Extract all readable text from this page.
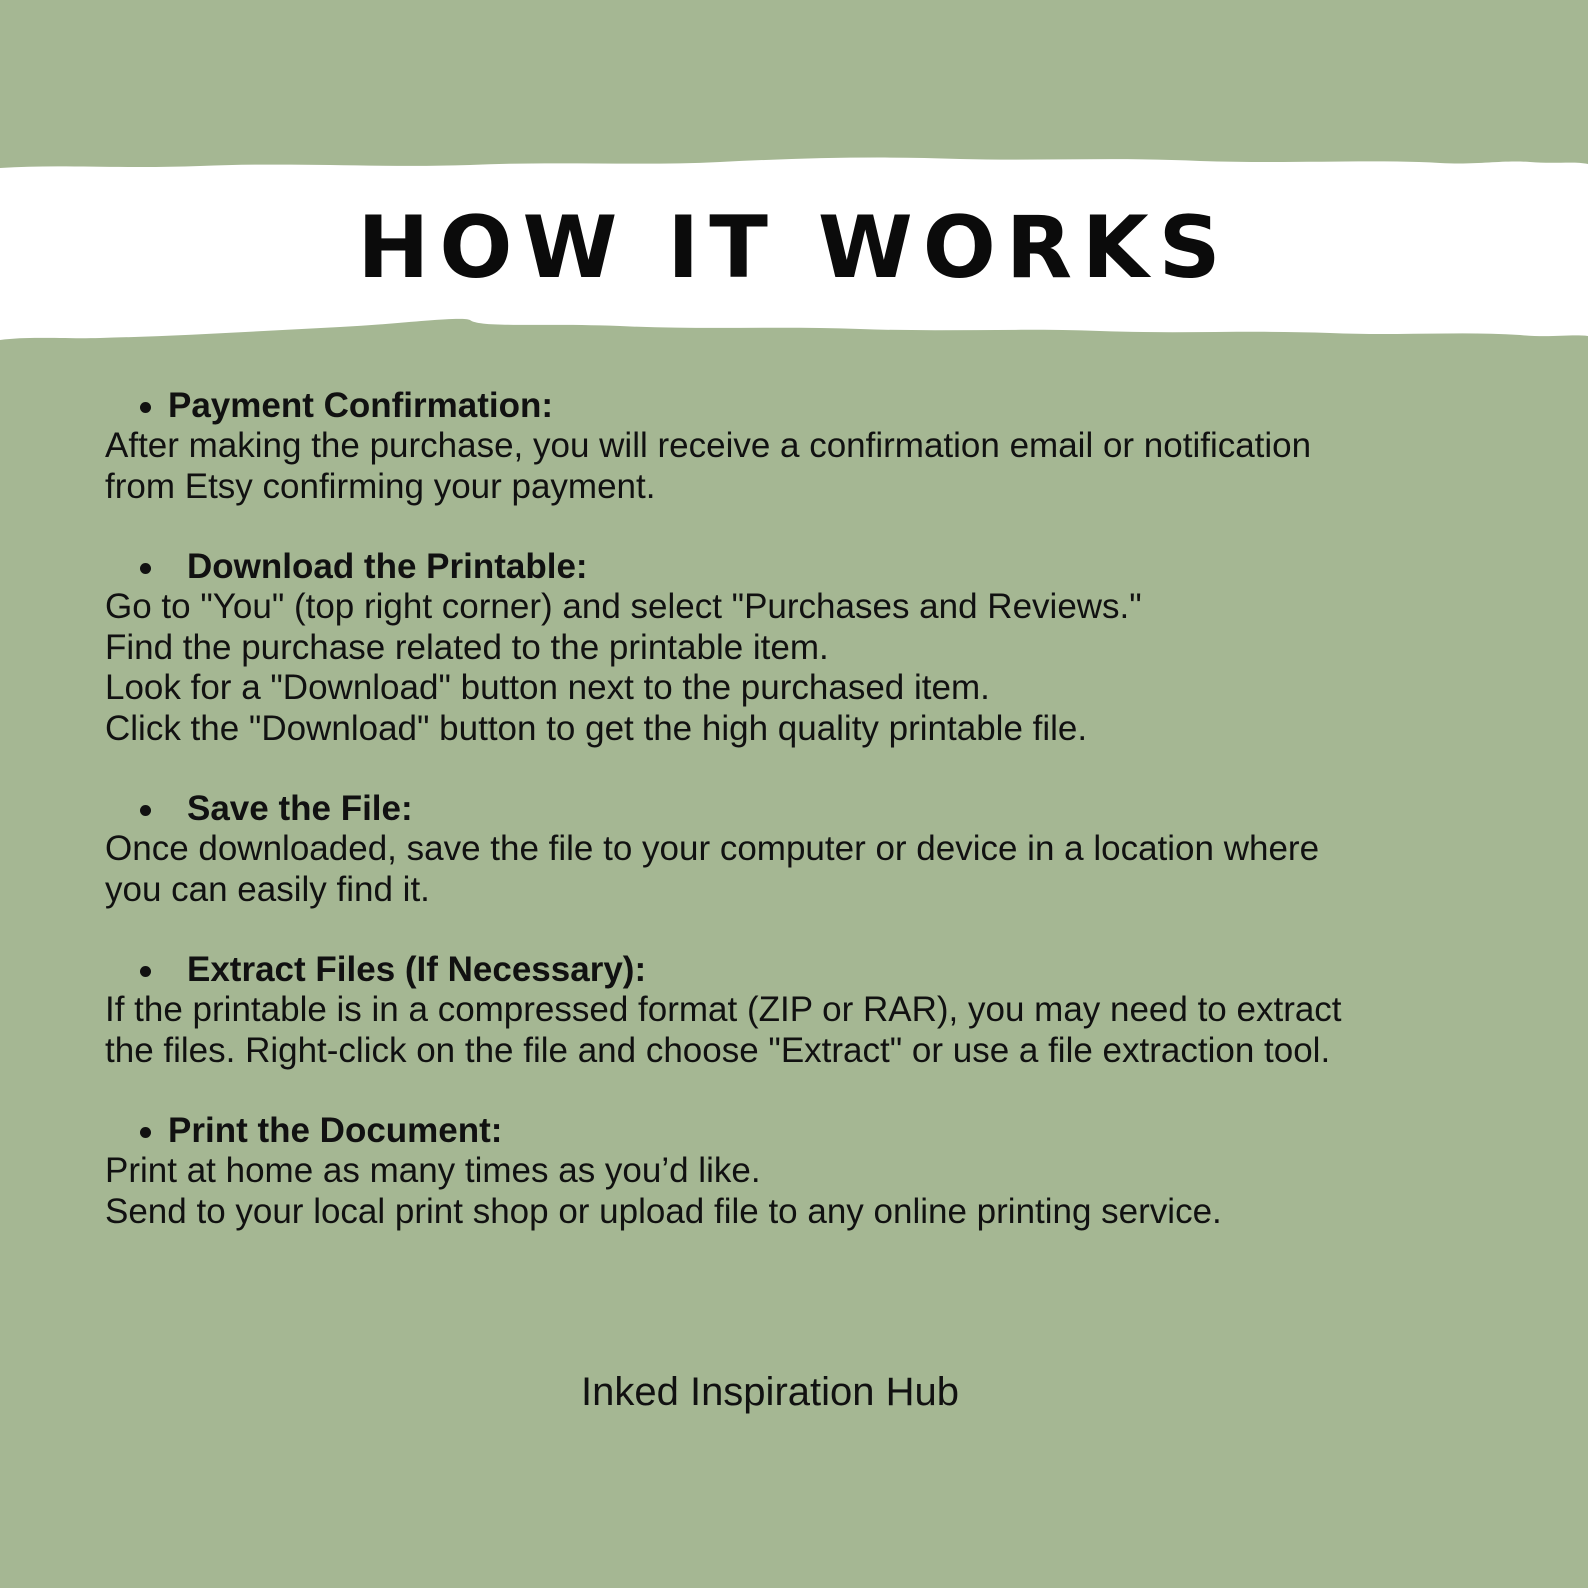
HOW IT WORKS
Payment Confirmation:

After making the purchase, you will receive a confirmation email or notification

from Etsy confirming your payment.

Download the Printable:

Go to "You" (top right corner) and select "Purchases and Reviews."

Find the purchase related to the printable item.

Look for a "Download" button next to the purchased item.

Click the "Download" button to get the high quality printable file.

Save the File:

Once downloaded, save the file to your computer or device in a location where

you can easily find it.

Extract Files (If Necessary):

If the printable is in a compressed format (ZIP or RAR), you may need to extract

the files. Right-click on the file and choose "Extract" or use a file extraction tool.

Print the Document:

Print at home as many times as you’d like.

Send to your local print shop or upload file to any online printing service.

Inked Inspiration Hub
